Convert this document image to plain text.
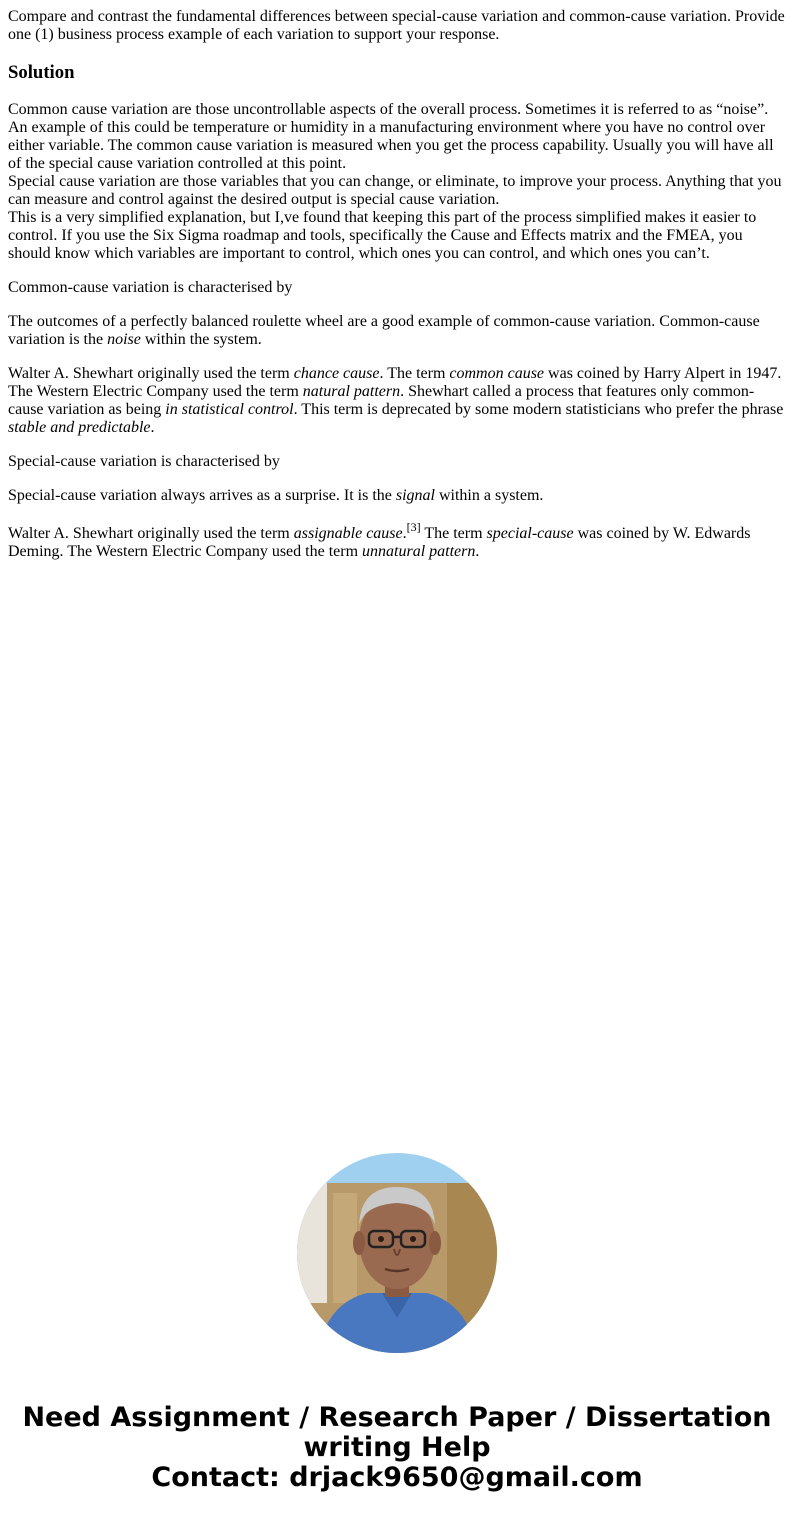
Compare and contrast the fundamental differences between special-cause variation and common-cause variation. Provide one (1) business process example of each variation to support your response.

Solution
Common cause variation are those uncontrollable aspects of the overall process. Sometimes it is referred to as “noise”. An example of this could be temperature or humidity in a manufacturing environment where you have no control over either variable. The common cause variation is measured when you get the process capability. Usually you will have all of the special cause variation controlled at this point.
Special cause variation are those variables that you can change, or eliminate, to improve your process. Anything that you can measure and control against the desired output is special cause variation.
This is a very simplified explanation, but I,ve found that keeping this part of the process simplified makes it easier to control. If you use the Six Sigma roadmap and tools, specifically the Cause and Effects matrix and the FMEA, you should know which variables are important to control, which ones you can control, and which ones you can’t.

Common-cause variation is characterised by

The outcomes of a perfectly balanced roulette wheel are a good example of common-cause variation. Common-cause variation is the noise within the system.

Walter A. Shewhart originally used the term chance cause. The term common cause was coined by Harry Alpert in 1947. The Western Electric Company used the term natural pattern. Shewhart called a process that features only common-cause variation as being in statistical control. This term is deprecated by some modern statisticians who prefer the phrase stable and predictable.

Special-cause variation is characterised by

Special-cause variation always arrives as a surprise. It is the signal within a system.

Walter A. Shewhart originally used the term assignable cause.[3] The term special-cause was coined by W. Edwards Deming. The Western Electric Company used the term unnatural pattern.

Need Assignment / Research Paper / Dissertation
writing Help
Contact: drjack9650@gmail.com
